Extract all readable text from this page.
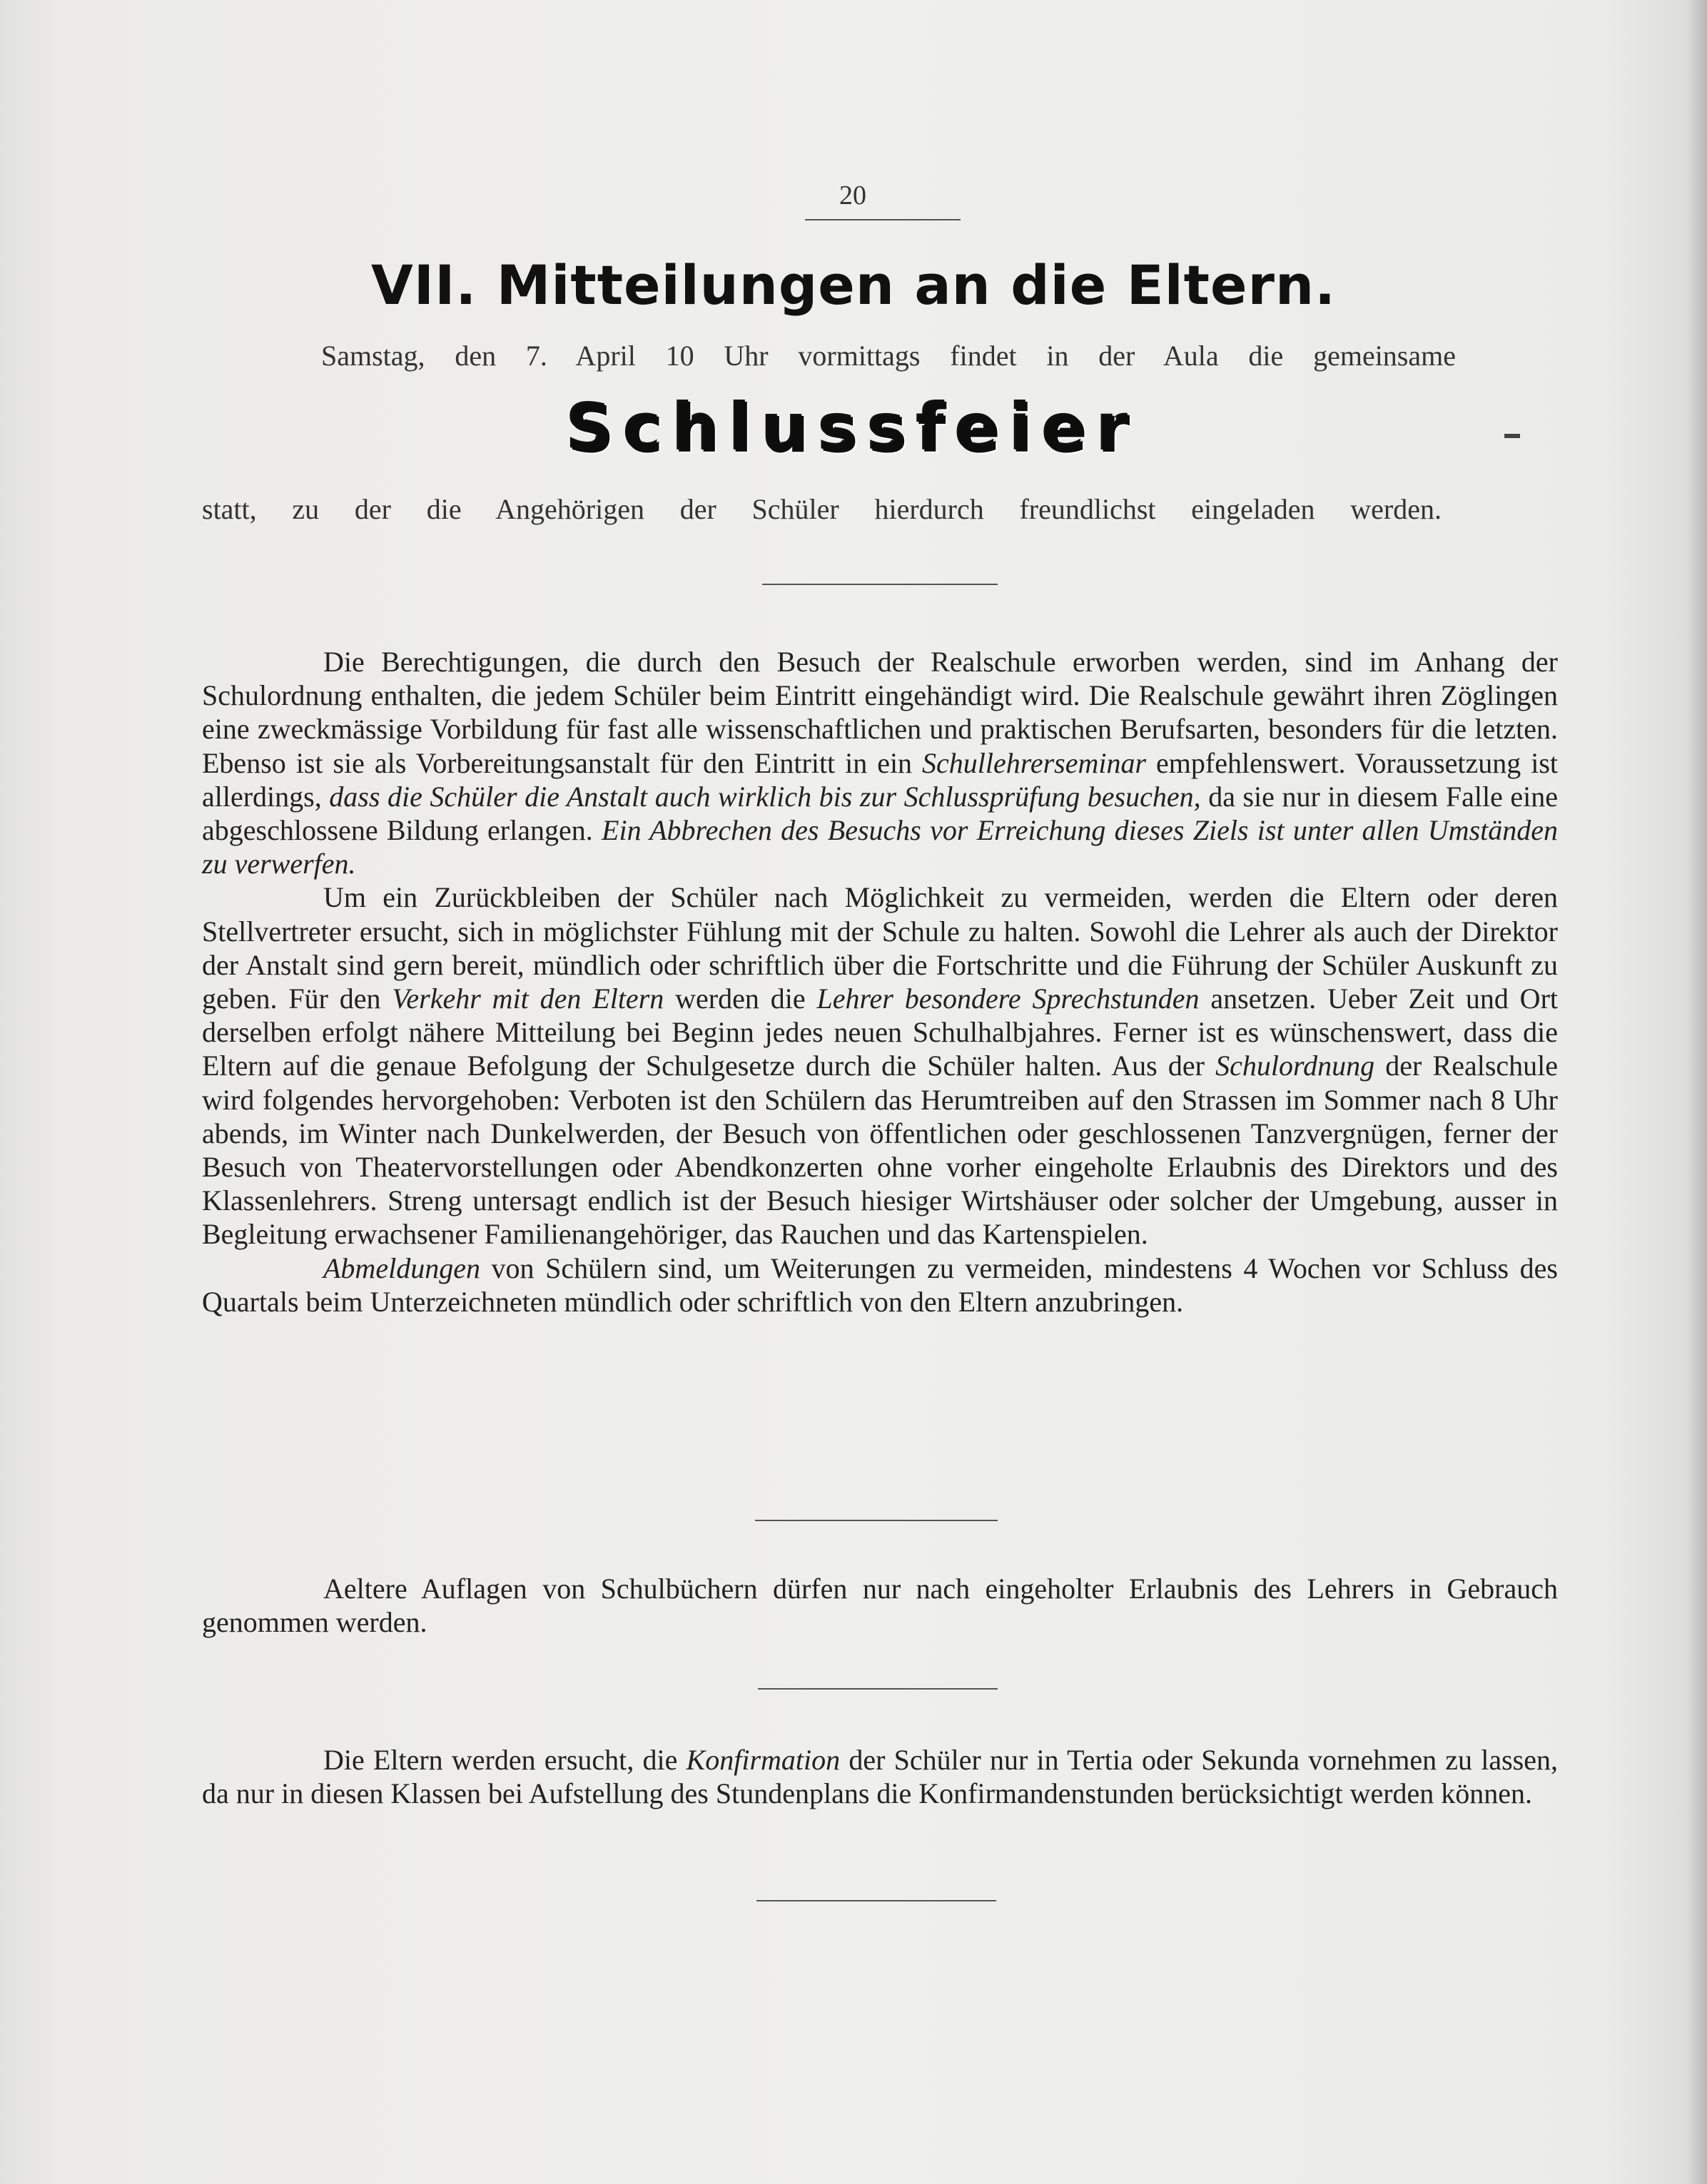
20
VII. Mitteilungen an die Eltern.
Samstag, den 7. April 10 Uhr vormittags findet in der Aula die gemeinsame
Schlussfeier
statt, zu der die Angehörigen der Schüler hierdurch freundlichst eingeladen werden.

Die Berechtigungen, die durch den Besuch der Realschule erworben werden, sind im Anhang der Schulordnung enthalten, die jedem Schüler beim Eintritt eingehändigt wird. Die Realschule gewährt ihren Zöglingen eine zweckmässige Vorbildung für fast alle wissenschaftlichen und praktischen Berufsarten, besonders für die letzten. Ebenso ist sie als Vorbereitungsanstalt für den Eintritt in ein Schullehrerseminar empfehlenswert. Voraussetzung ist allerdings, dass die Schüler die Anstalt auch wirklich bis zur Schlussprüfung besuchen, da sie nur in diesem Falle eine abgeschlossene Bildung erlangen. Ein Abbrechen des Besuchs vor Erreichung dieses Ziels ist unter allen Umständen zu verwerfen.

Um ein Zurückbleiben der Schüler nach Möglichkeit zu vermeiden, werden die Eltern oder deren Stellvertreter ersucht, sich in möglichster Fühlung mit der Schule zu halten. Sowohl die Lehrer als auch der Direktor der Anstalt sind gern bereit, mündlich oder schriftlich über die Fortschritte und die Führung der Schüler Auskunft zu geben. Für den Verkehr mit den Eltern werden die Lehrer besondere Sprechstunden ansetzen. Ueber Zeit und Ort derselben erfolgt nähere Mitteilung bei Beginn jedes neuen Schulhalbjahres. Ferner ist es wünschenswert, dass die Eltern auf die genaue Befolgung der Schulgesetze durch die Schüler halten. Aus der Schulordnung der Realschule wird folgendes hervorgehoben: Verboten ist den Schülern das Herumtreiben auf den Strassen im Sommer nach 8 Uhr abends, im Winter nach Dunkelwerden, der Besuch von öffentlichen oder geschlossenen Tanzvergnügen, ferner der Besuch von Theatervorstellungen oder Abendkonzerten ohne vorher eingeholte Erlaubnis des Direktors und des Klassenlehrers. Streng untersagt endlich ist der Besuch hiesiger Wirtshäuser oder solcher der Umgebung, ausser in Begleitung erwachsener Familienangehöriger, das Rauchen und das Kartenspielen.

Abmeldungen von Schülern sind, um Weiterungen zu vermeiden, mindestens 4 Wochen vor Schluss des Quartals beim Unterzeichneten mündlich oder schriftlich von den Eltern anzubringen.

Aeltere Auflagen von Schulbüchern dürfen nur nach eingeholter Erlaubnis des Lehrers in Gebrauch genommen werden.

Die Eltern werden ersucht, die Konfirmation der Schüler nur in Tertia oder Sekunda vornehmen zu lassen, da nur in diesen Klassen bei Aufstellung des Stundenplans die Konfirmandenstunden berücksichtigt werden können.
